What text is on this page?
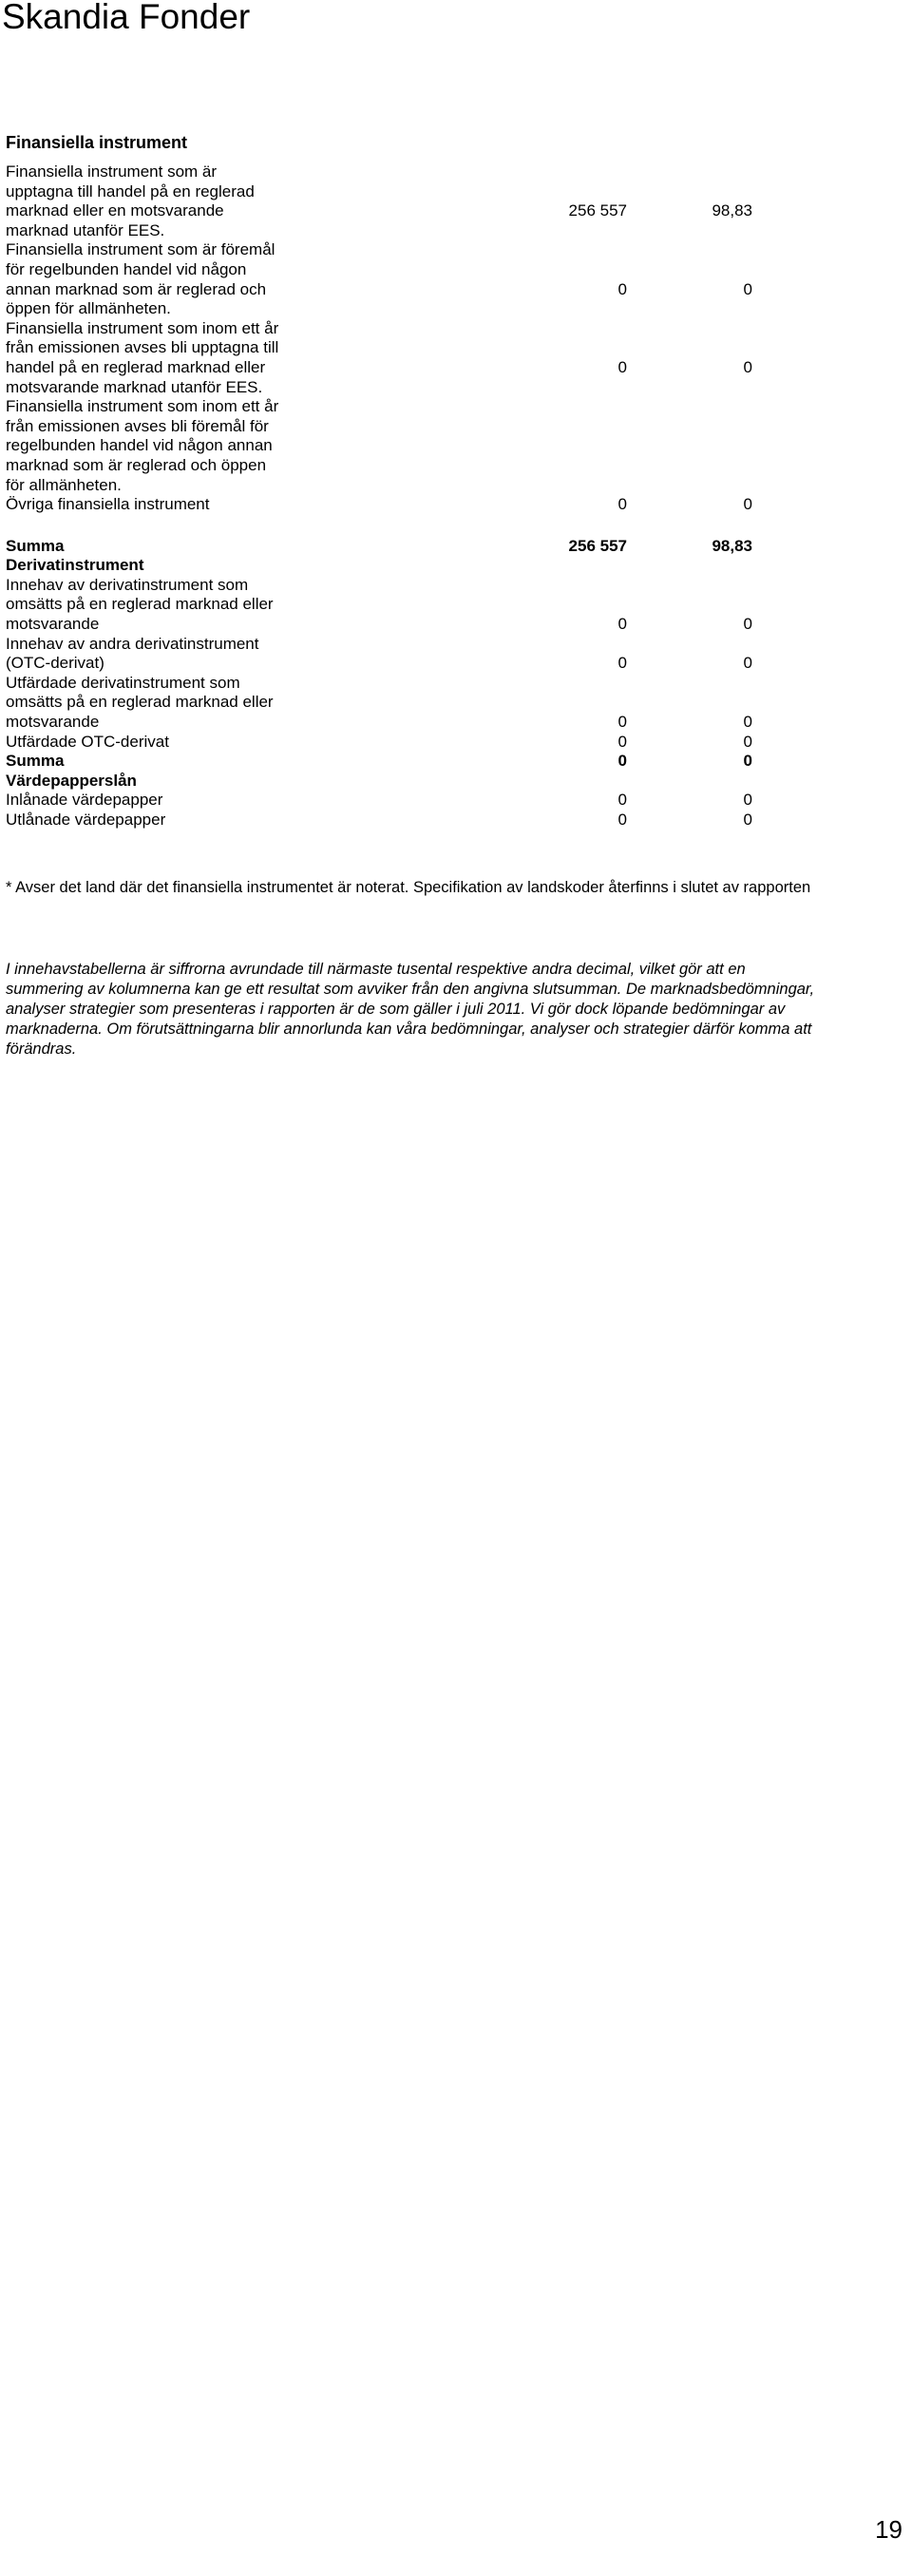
Skandia Fonder
Finansiella instrument
Finansiella instrument som är
upptagna till handel på en reglerad
marknad eller en motsvarande
marknad utanför EES.
256 557	98,83
Finansiella instrument som är föremål
för regelbunden handel vid någon
annan marknad som är reglerad och
öppen för allmänheten.
0	0
Finansiella instrument som inom ett år
från emissionen avses bli upptagna till
handel på en reglerad marknad eller
motsvarande marknad utanför EES.
0	0
Finansiella instrument som inom ett år
från emissionen avses bli föremål för
regelbunden handel vid någon annan
marknad som är reglerad och öppen
för allmänheten.
Övriga finansiella instrument	0	0
Summa	256 557	98,83
Derivatinstrument
Innehav av derivatinstrument som
omsätts på en reglerad marknad eller
motsvarande	0	0
Innehav av andra derivatinstrument
(OTC-derivat)	0	0
Utfärdade derivatinstrument som
omsätts på en reglerad marknad eller
motsvarande	0	0
Utfärdade OTC-derivat	0	0
Summa	0	0
Värdepapperslån
Inlånade värdepapper	0	0
Utlånade värdepapper	0	0
* Avser det land där det finansiella instrumentet är noterat. Specifikation av landskoder återfinns i slutet av rapporten
I innehavstabellerna är siffrorna avrundade till närmaste tusental respektive andra decimal, vilket gör att en summering av kolumnerna kan ge ett resultat som avviker från den angivna slutsumman. De marknadsbedömningar, analyser strategier som presenteras i rapporten är de som gäller i juli 2011. Vi gör dock löpande bedömningar av marknaderna. Om förutsättningarna blir annorlunda kan våra bedömningar, analyser och strategier därför komma att förändras.
19
